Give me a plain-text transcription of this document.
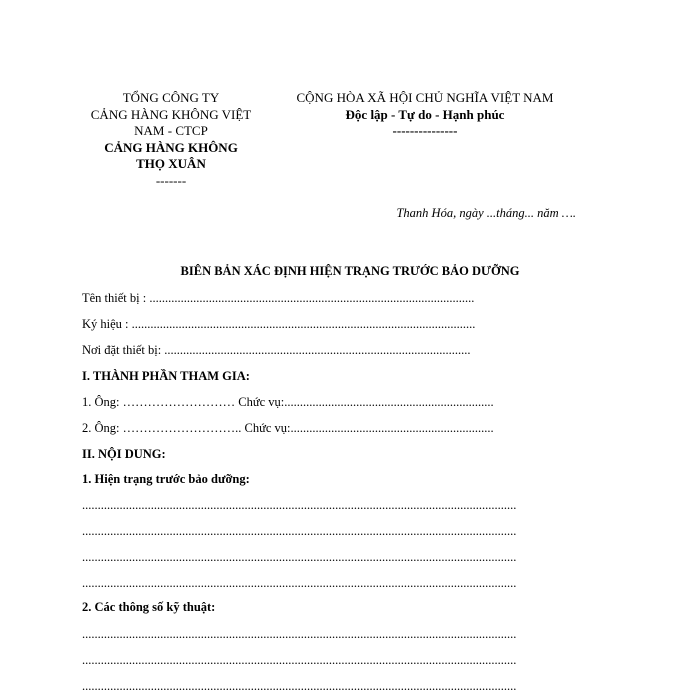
TỔNG CÔNG TY
CẢNG HÀNG KHÔNG VIỆT
NAM - CTCP
CẢNG HÀNG KHÔNG
THỌ XUÂN
-------
CỘNG HÒA XÃ HỘI CHỦ NGHĨA VIỆT NAM
Độc lập - Tự do - Hạnh phúc
---------------
Thanh Hóa, ngày ...tháng... năm ….
BIÊN BẢN XÁC ĐỊNH HIỆN TRẠNG TRƯỚC BẢO DƯỠNG
Tên thiết bị : ........................................................................................................
Ký hiệu : ..............................................................................................................
Nơi đặt thiết bị: ..................................................................................................
I. THÀNH PHẦN THAM GIA:
1. Ông: ……………………… Chức vụ:...................................................................
2. Ông: ……………………….. Chức vụ:.................................................................
II. NỘI DUNG:
1. Hiện trạng trước bảo dưỡng:
...........................................................................................................................................
...........................................................................................................................................
...........................................................................................................................................
...........................................................................................................................................
2. Các thông số kỹ thuật:
...........................................................................................................................................
...........................................................................................................................................
...........................................................................................................................................
